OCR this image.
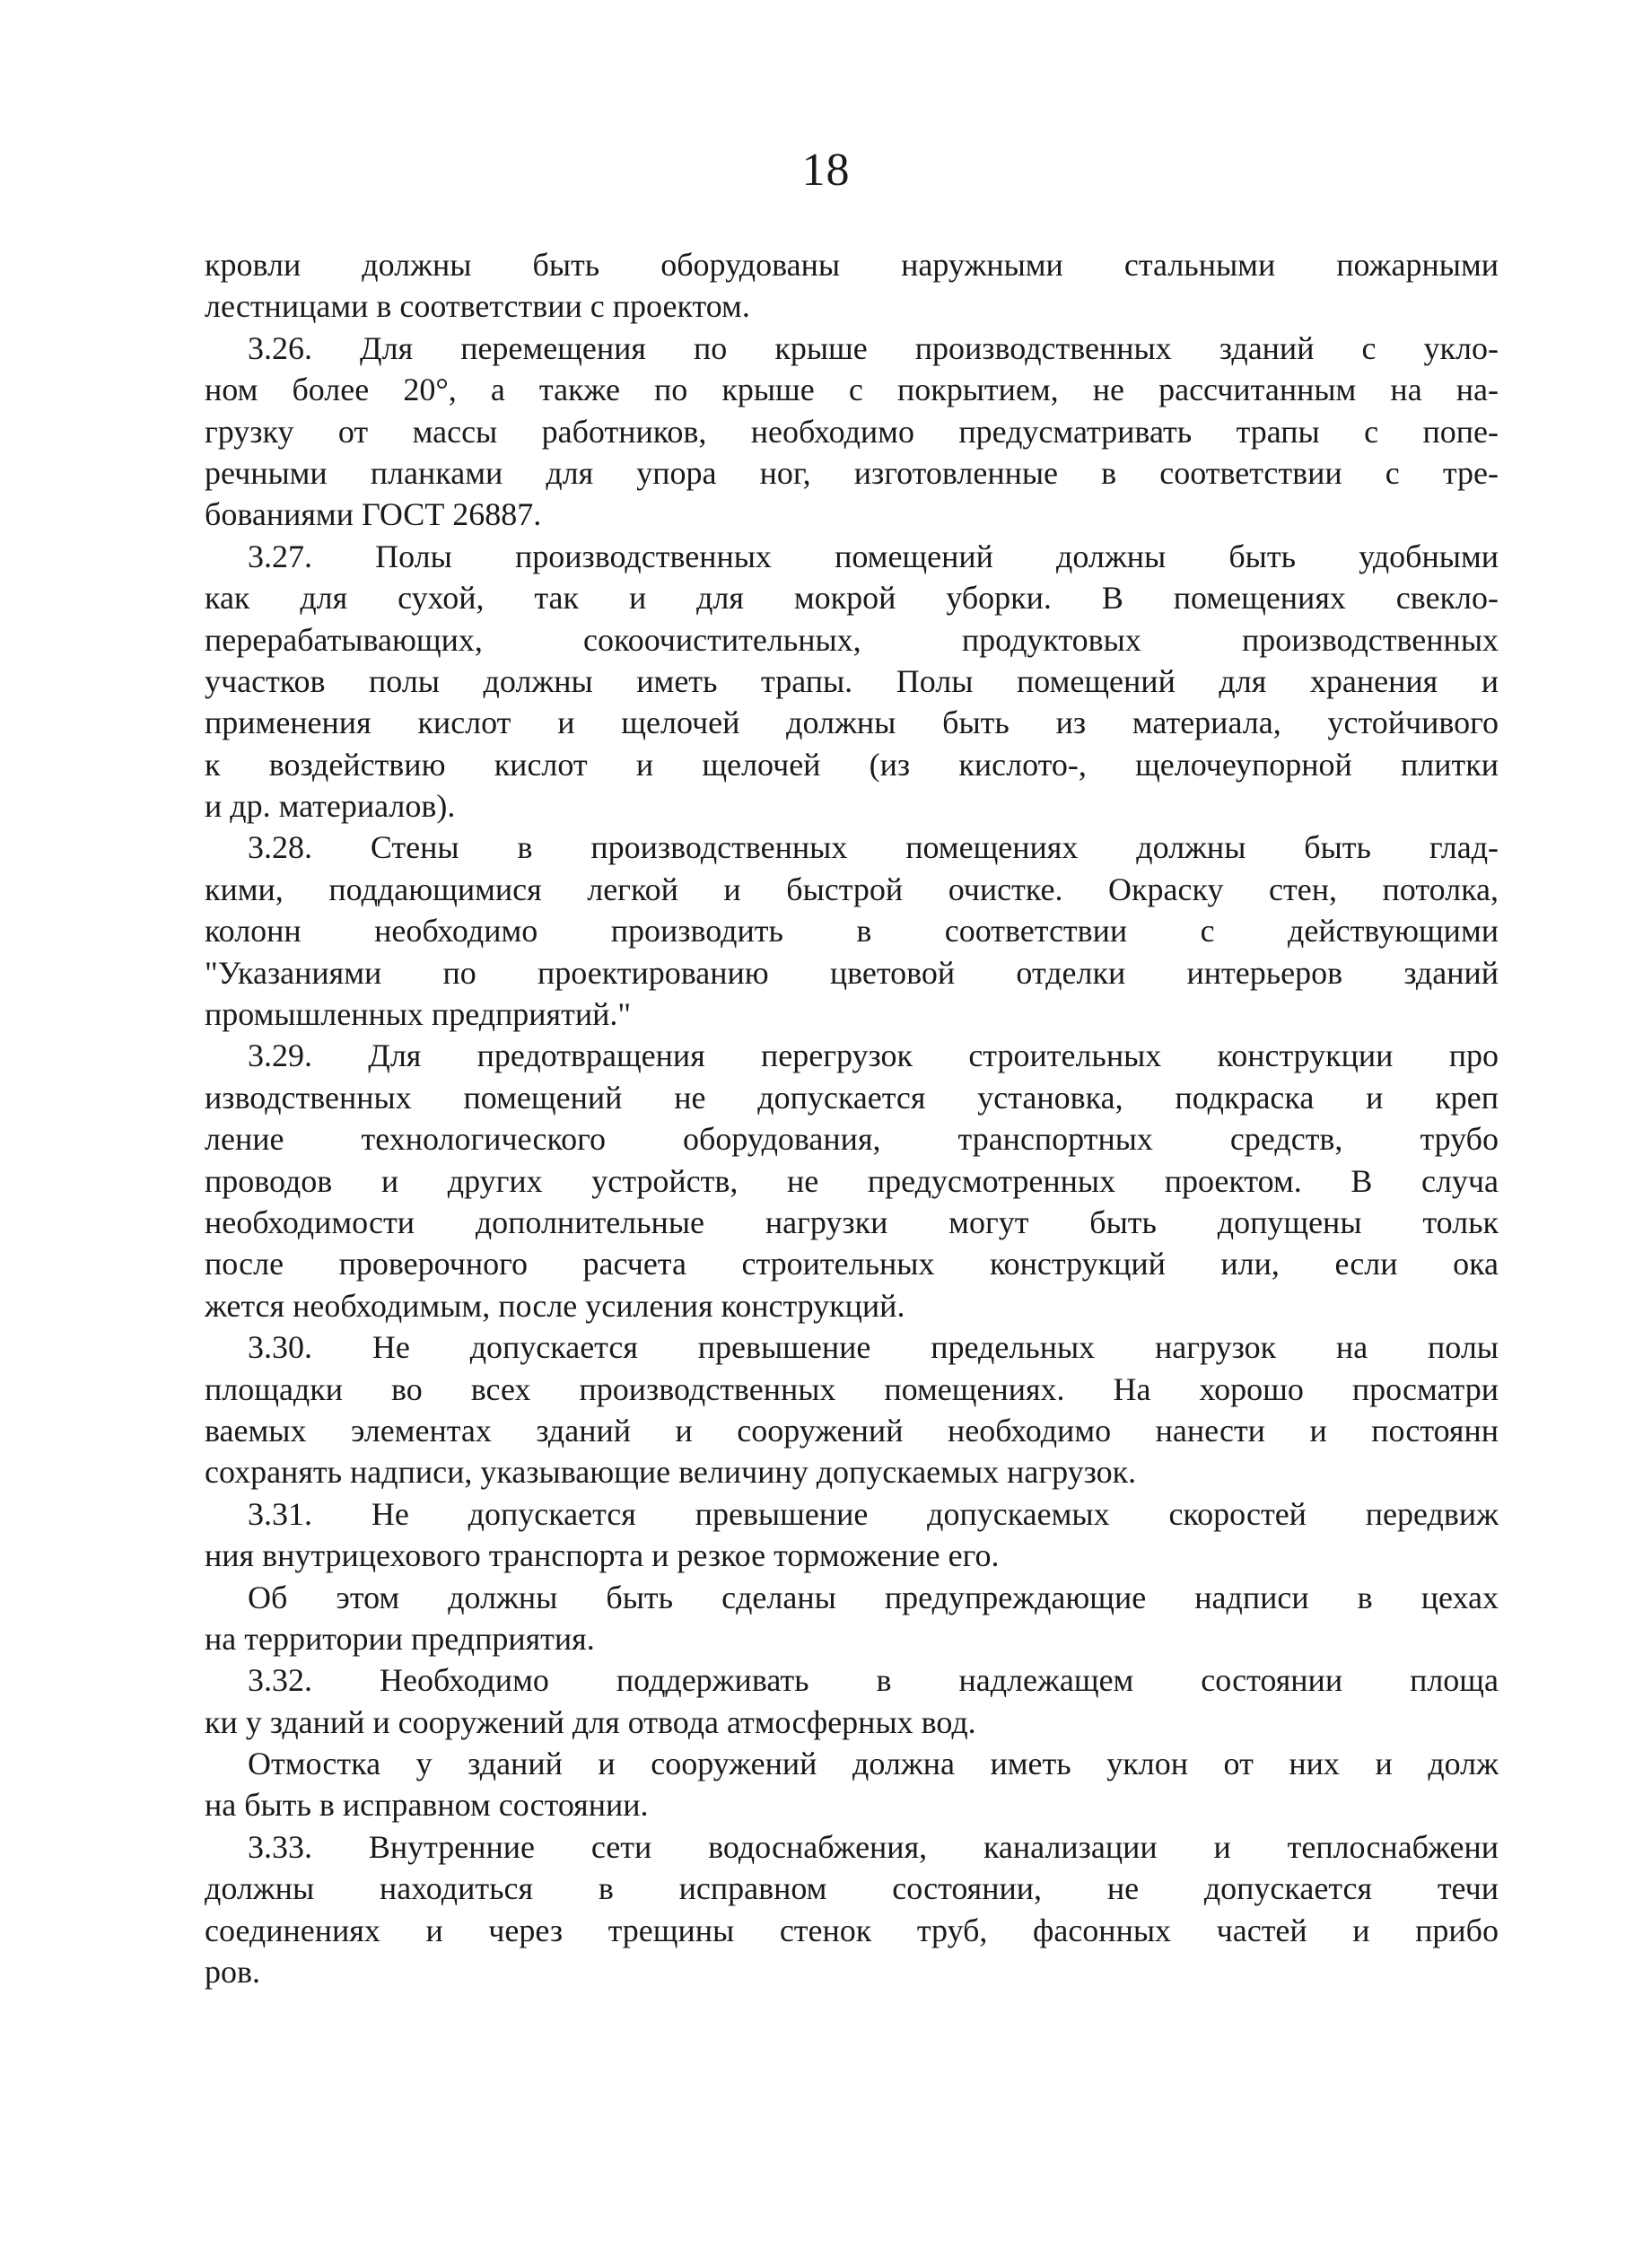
18
кровли должны быть оборудованы наружными стальными пожарными
лестницами в соответствии с проектом.
3.26. Для перемещения по крыше производственных зданий с укло-
ном более 20°, а также по крыше с покрытием, не рассчитанным на на-
грузку от массы работников, необходимо предусматривать трапы с попе-
речными планками для упора ног, изготовленные в соответствии с тре-
бованиями ГОСТ 26887.
3.27. Полы производственных помещений должны быть удобными
как для сухой, так и для мокрой уборки. В помещениях свекло-
перерабатывающих, сокоочистительных, продуктовых производственных
участков полы должны иметь трапы. Полы помещений для хранения и
применения кислот и щелочей должны быть из материала, устойчивого
к воздействию кислот и щелочей (из кислото-, щелочеупорной плитки
и др. материалов).
3.28. Стены в производственных помещениях должны быть глад-
кими, поддающимися легкой и быстрой очистке. Окраску стен, потолка,
колонн необходимо производить в соответствии с действующими
"Указаниями по проектированию цветовой отделки интерьеров зданий
промышленных предприятий."
3.29. Для предотвращения перегрузок строительных конструкции про
изводственных помещений не допускается установка, подкраска и креп
ление технологического оборудования, транспортных средств, трубо
проводов и других устройств, не предусмотренных проектом. В случа
необходимости дополнительные нагрузки могут быть допущены тольк
после проверочного расчета строительных конструкций или, если ока
жется необходимым, после усиления конструкций.
3.30. Не допускается превышение предельных нагрузок на полы
площадки во всех производственных помещениях. На хорошо просматри
ваемых элементах зданий и сооружений необходимо нанести и постоянн
сохранять надписи, указывающие величину допускаемых нагрузок.
3.31. Не допускается превышение допускаемых скоростей передвиж
ния внутрицехового транспорта и резкое торможение его.
Об этом должны быть сделаны предупреждающие надписи в цехах
на территории предприятия.
3.32. Необходимо поддерживать в надлежащем состоянии площа
ки у зданий и сооружений для отвода атмосферных вод.
Отмостка у зданий и сооружений должна иметь уклон от них и долж
на быть в исправном состоянии.
3.33. Внутренние сети водоснабжения, канализации и теплоснабжени
должны находиться в исправном состоянии, не допускается течи
соединениях и через трещины стенок труб, фасонных частей и прибо
ров.
